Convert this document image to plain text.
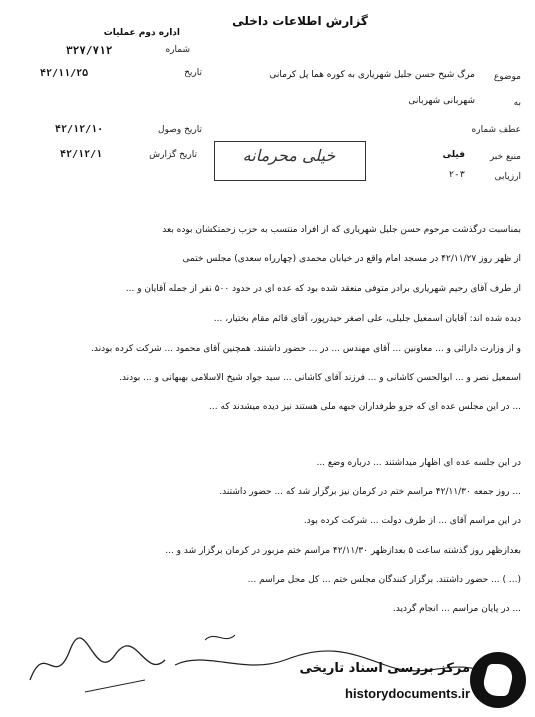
گزارش اطلاعات داخلی
اداره دوم عملیات
شماره
۳۲۷/۷۱۲
تاریخ
۴۲/۱۱/۲۵
تاریخ وصول
۴۲/۱۲/۱۰
تاریخ گزارش
۴۲/۱۲/۱
موضوع
مرگ شیخ حسن جلیل شهریاری به کوره هما پل کرمانی
به
شهربانی شهربانی
عطف شماره
منبع خبر
فیلی
ارزیابی
۲-۳
خیلی محرمانه
بمناسبت درگذشت مرحوم حسن جلیل شهریاری که از افراد منتسب به حزب زحمتکشان بوده بعد
از ظهر روز ۴۲/۱۱/۲۷ در مسجد امام واقع در خیابان محمدی (چهارراه سعدی) مجلس ختمی
از طرف آقای رحیم شهریاری برادر متوفی منعقد شده بود که عده ای در حدود ۵۰۰ نفر از جمله آقایان و ...
دیده شده اند: آقایان اسمعیل جلیلی، علی اصغر حیدرپور، آقای قائم مقام بختیار، ...
و از وزارت دارائی و ... معاونین ... آقای مهندس ... در ... حضور داشتند. همچنین آقای محمود ... شرکت کرده بودند.
اسمعیل نصر و ... ابوالحسن کاشانی و ... فرزند آقای کاشانی ... سید جواد شیخ الاسلامی بهبهانی و ... بودند.
... در این مجلس عده ای که جزو طرفداران جبهه ملی هستند نیز دیده میشدند که ...
در این جلسه عده ای اظهار میداشتند ... درباره وضع ...
... روز جمعه ۴۲/۱۱/۳۰ مراسم ختم در کرمان نیز برگزار شد که ... حضور داشتند.
در این مراسم آقای ... از طرف دولت ... شرکت کرده بود.
بعدازظهر روز گذشته ساعت ۵ بعدازظهر ۴۲/۱۱/۳۰ مراسم ختم مزبور در کرمان برگزار شد و ...
(... ) ... حضور داشتند. برگزار کنندگان مجلس ختم ... کل محل مراسم ...
... در پایان مراسم ... انجام گردید.
مرکز بررسی اسناد تاریخی
historydocuments.ir
